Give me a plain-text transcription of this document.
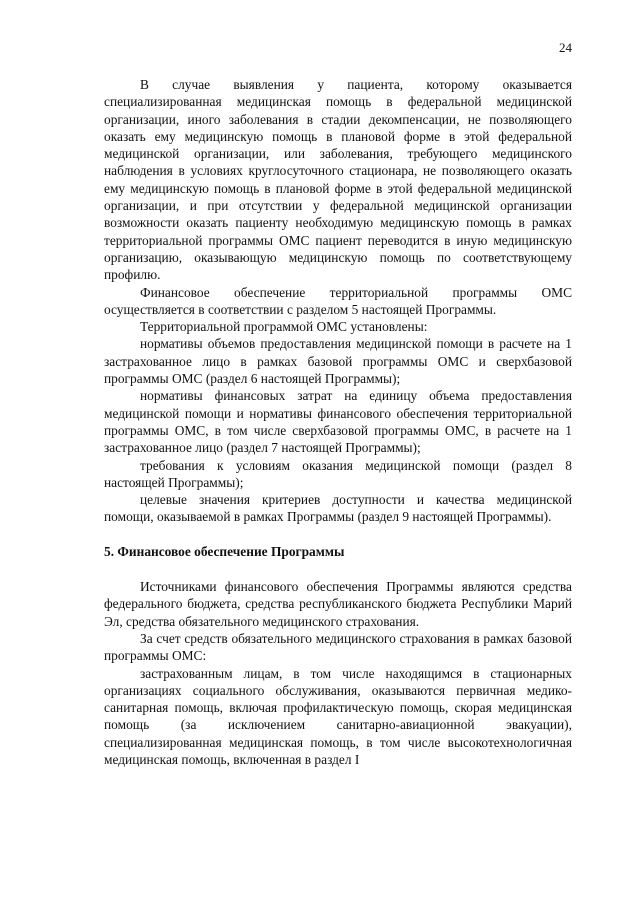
24

В случае выявления у пациента, которому оказывается специализированная медицинская помощь в федеральной медицинской организации, иного заболевания в стадии декомпенсации, не позволяющего оказать ему медицинскую помощь в плановой форме в этой федеральной медицинской организации, или заболевания, требующего медицинского наблюдения в условиях круглосуточного стационара, не позволяющего оказать ему медицинскую помощь в плановой форме в этой федеральной медицинской организации, и при отсутствии у федеральной медицинской организации возможности оказать пациенту необходимую медицинскую помощь в рамках территориальной программы ОМС пациент переводится в иную медицинскую организацию, оказывающую медицинскую помощь по соответствующему профилю.

Финансовое обеспечение территориальной программы ОМС осуществляется в соответствии с разделом 5 настоящей Программы.

Территориальной программой ОМС установлены:

нормативы объемов предоставления медицинской помощи в расчете на 1 застрахованное лицо в рамках базовой программы ОМС и сверхбазовой программы ОМС (раздел 6 настоящей Программы);

нормативы финансовых затрат на единицу объема предоставления медицинской помощи и нормативы финансового обеспечения территориальной программы ОМС, в том числе сверхбазовой программы ОМС, в расчете на 1 застрахованное лицо (раздел 7 настоящей Программы);

требования к условиям оказания медицинской помощи (раздел 8 настоящей Программы);

целевые значения критериев доступности и качества медицинской помощи, оказываемой в рамках Программы (раздел 9 настоящей Программы).

5. Финансовое обеспечение Программы

Источниками финансового обеспечения Программы являются средства федерального бюджета, средства республиканского бюджета Республики Марий Эл, средства обязательного медицинского страхования.

За счет средств обязательного медицинского страхования в рамках базовой программы ОМС:

застрахованным лицам, в том числе находящимся в стационарных организациях социального обслуживания, оказываются первичная медико-санитарная помощь, включая профилактическую помощь, скорая медицинская помощь (за исключением санитарно-авиационной эвакуации), специализированная медицинская помощь, в том числе высокотехнологичная медицинская помощь, включенная в раздел I
